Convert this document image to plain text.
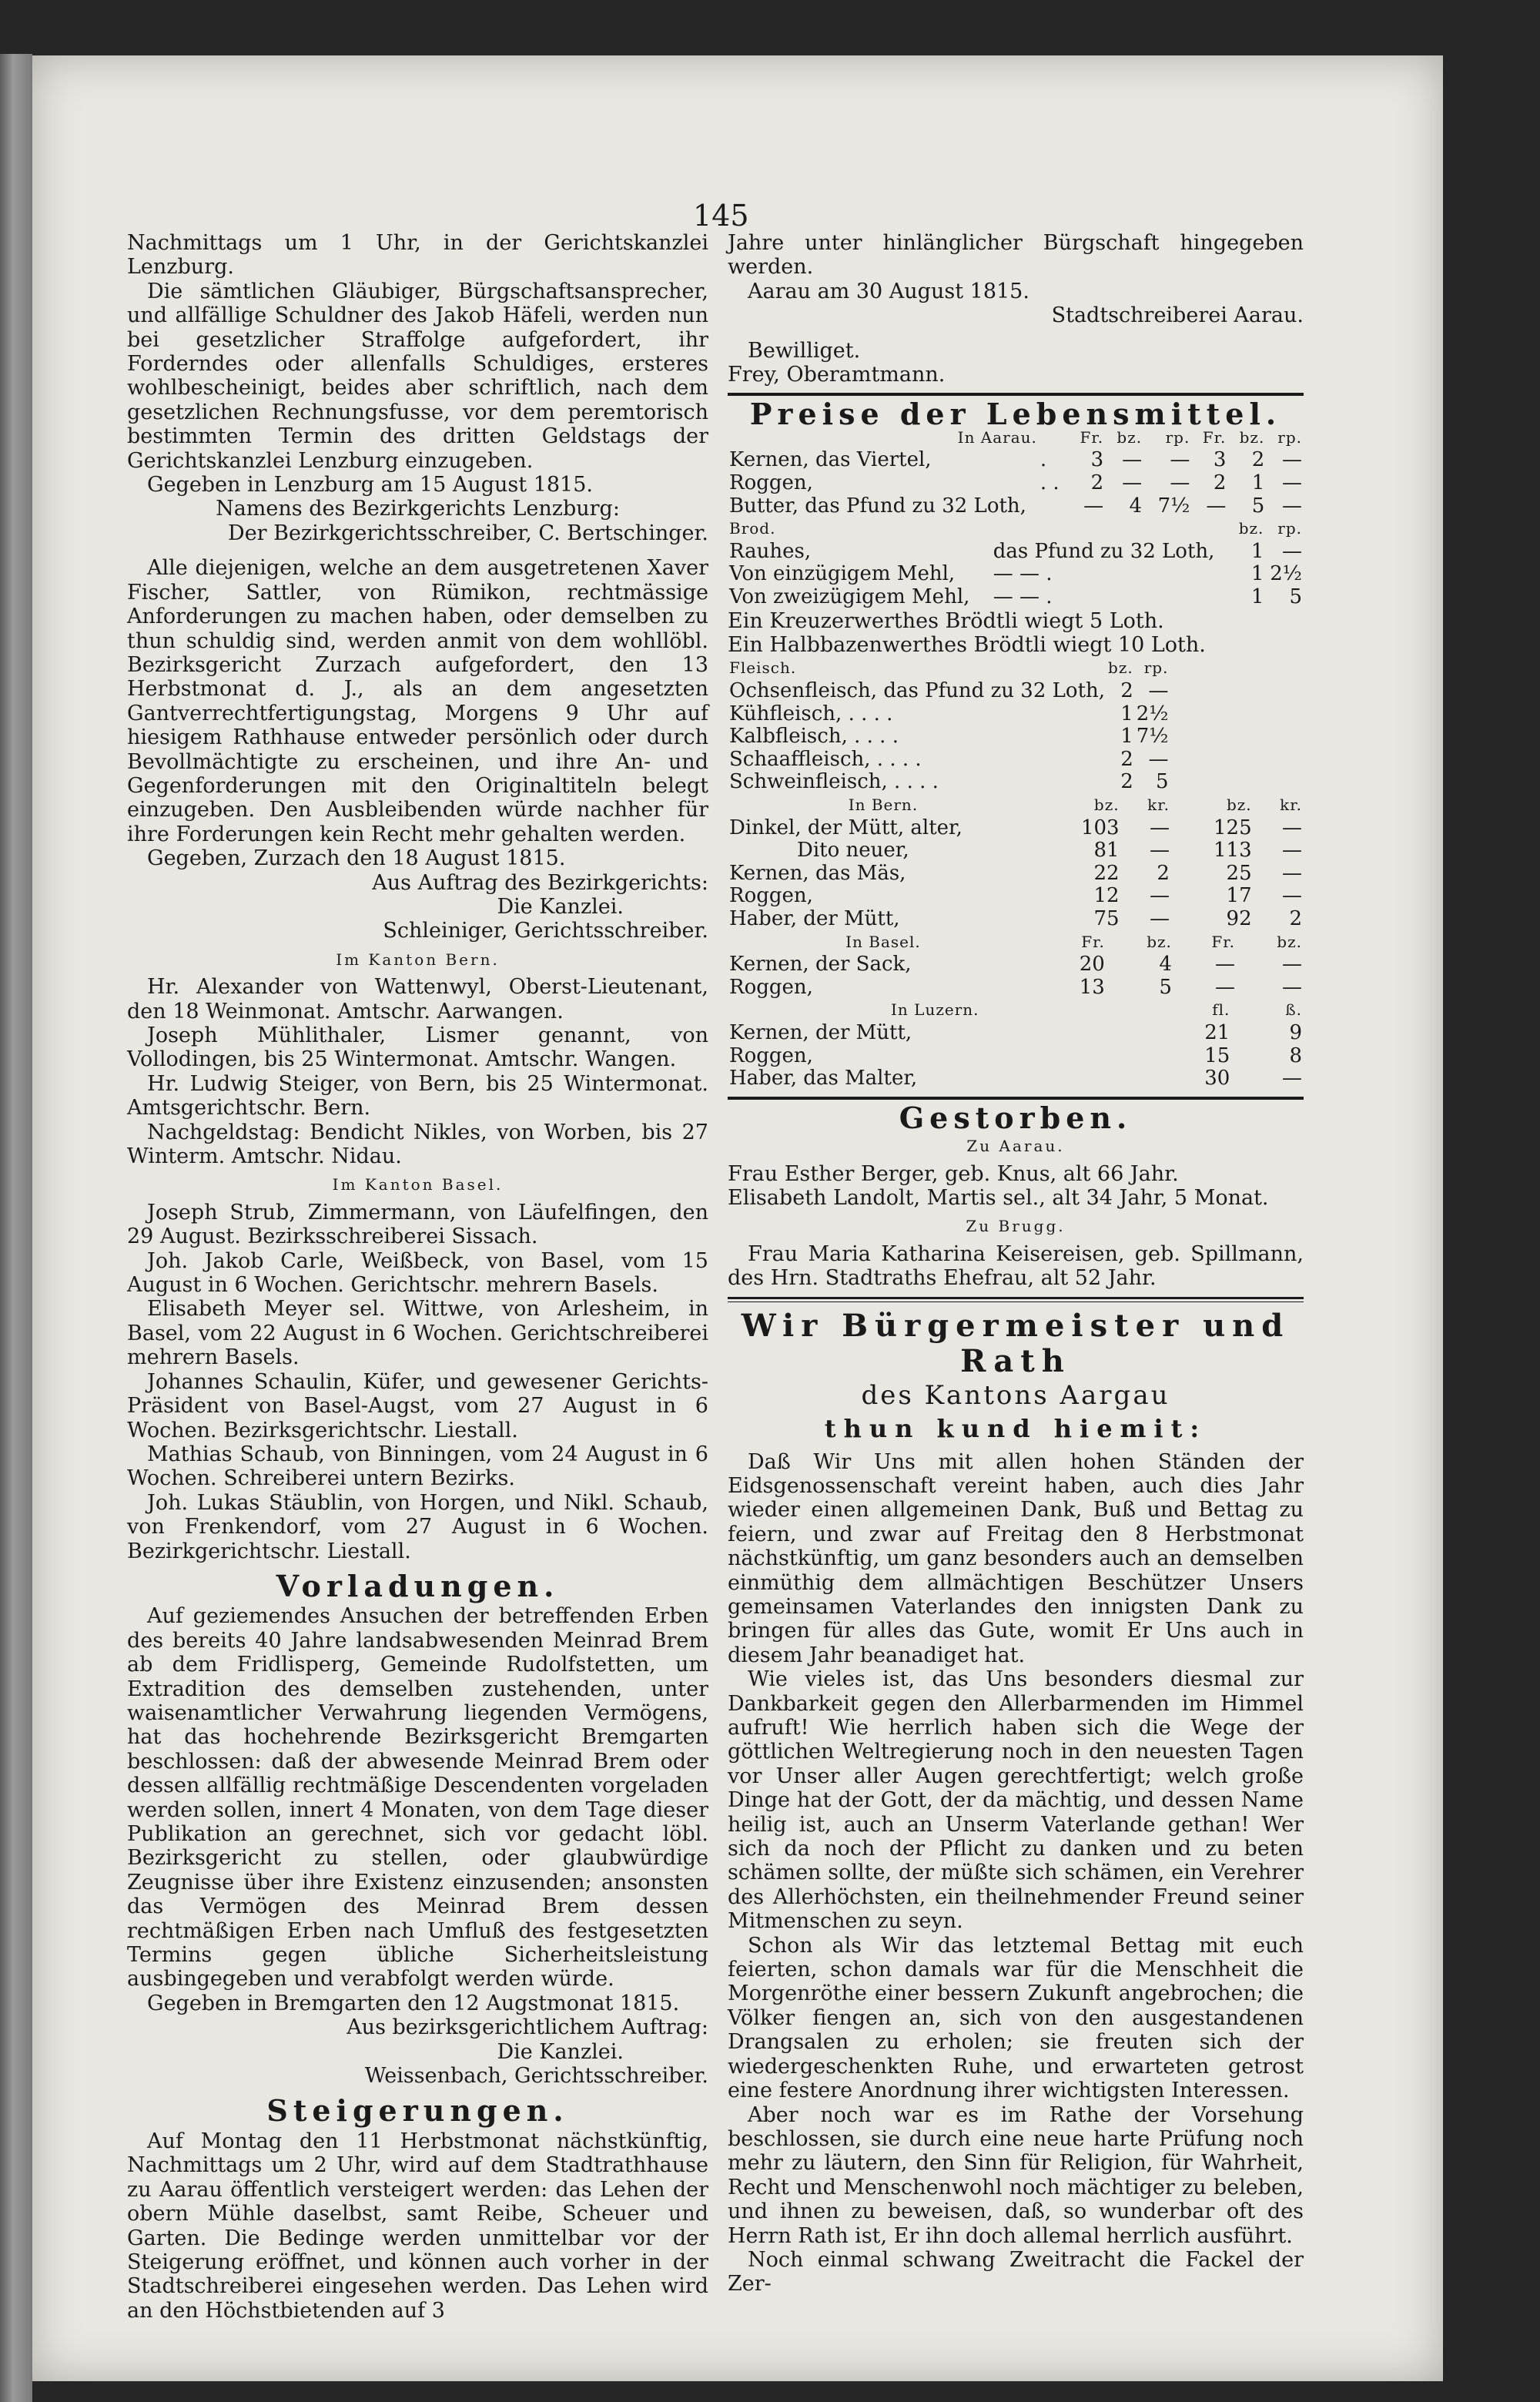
145

Nachmittags um 1 Uhr, in der Gerichtskanzlei Lenzburg.

Die sämtlichen Gläubiger, Bürgschaftsansprecher, und allfällige Schuldner des Jakob Häfeli, werden nun bei gesetzlicher Straffolge aufgefordert, ihr Forderndes oder allenfalls Schuldiges, ersteres wohlbescheinigt, beides aber schriftlich, nach dem gesetzlichen Rechnungsfusse, vor dem peremtorisch bestimmten Termin des dritten Geldstags der Gerichtskanzlei Lenzburg einzugeben.

Gegeben in Lenzburg am 15 August 1815.

Namens des Bezirkgerichts Lenzburg:

Der Bezirkgerichtsschreiber, C. Bertschinger.

Alle diejenigen, welche an dem ausgetretenen Xaver Fischer, Sattler, von Rümikon, rechtmässige Anforderungen zu machen haben, oder demselben zu thun schuldig sind, werden anmit von dem wohllöbl. Bezirksgericht Zurzach aufgefordert, den 13 Herbstmonat d. J., als an dem angesetzten Gantverrechtfertigungstag, Morgens 9 Uhr auf hiesigem Rathhause entweder persönlich oder durch Bevollmächtigte zu erscheinen, und ihre An- und Gegenforderungen mit den Originaltiteln belegt einzugeben. Den Ausbleibenden würde nachher für ihre Forderungen kein Recht mehr gehalten werden.

Gegeben, Zurzach den 18 August 1815.

Aus Auftrag des Bezirkgerichts:

Die Kanzlei.

Schleiniger, Gerichtsschreiber.

Im Kanton Bern.

Hr. Alexander von Wattenwyl, Oberst-Lieutenant, den 18 Weinmonat. Amtschr. Aarwangen.

Joseph Mühlithaler, Lismer genannt, von Vollodingen, bis 25 Wintermonat. Amtschr. Wangen.

Hr. Ludwig Steiger, von Bern, bis 25 Wintermonat. Amtsgerichtschr. Bern.

Nachgeldstag: Bendicht Nikles, von Worben, bis 27 Winterm. Amtschr. Nidau.

Im Kanton Basel.

Joseph Strub, Zimmermann, von Läufelfingen, den 29 August. Bezirksschreiberei Sissach.

Joh. Jakob Carle, Weißbeck, von Basel, vom 15 August in 6 Wochen. Gerichtschr. mehrern Basels.

Elisabeth Meyer sel. Wittwe, von Arlesheim, in Basel, vom 22 August in 6 Wochen. Gerichtschreiberei mehrern Basels.

Johannes Schaulin, Küfer, und gewesener Gerichts-Präsident von Basel-Augst, vom 27 August in 6 Wochen. Bezirksgerichtschr. Liestall.

Mathias Schaub, von Binningen, vom 24 August in 6 Wochen. Schreiberei untern Bezirks.

Joh. Lukas Stäublin, von Horgen, und Nikl. Schaub, von Frenkendorf, vom 27 August in 6 Wochen. Bezirkgerichtschr. Liestall.

Vorladungen.

Auf geziemendes Ansuchen der betreffenden Erben des bereits 40 Jahre landsabwesenden Meinrad Brem ab dem Fridlisperg, Gemeinde Rudolfstetten, um Extradition des demselben zustehenden, unter waisenamtlicher Verwahrung liegenden Vermögens, hat das hochehrende Bezirksgericht Bremgarten beschlossen: daß der abwesende Meinrad Brem oder dessen allfällig rechtmäßige Descendenten vorgeladen werden sollen, innert 4 Monaten, von dem Tage dieser Publikation an gerechnet, sich vor gedacht löbl. Bezirksgericht zu stellen, oder glaubwürdige Zeugnisse über ihre Existenz einzusenden; ansonsten das Vermögen des Meinrad Brem dessen rechtmäßigen Erben nach Umfluß des festgesetzten Termins gegen übliche Sicherheitsleistung ausbingegeben und verabfolgt werden würde.

Gegeben in Bremgarten den 12 Augstmonat 1815.

Aus bezirksgerichtlichem Auftrag:

Die Kanzlei.

Weissenbach, Gerichtsschreiber.

Steigerungen.

Auf Montag den 11 Herbstmonat nächstkünftig, Nachmittags um 2 Uhr, wird auf dem Stadtrathhause zu Aarau öffentlich versteigert werden: das Lehen der obern Mühle daselbst, samt Reibe, Scheuer und Garten. Die Bedinge werden unmittelbar vor der Steigerung eröffnet, und können auch vorher in der Stadtschreiberei eingesehen werden. Das Lehen wird an den Höchstbietenden auf 3

Jahre unter hinlänglicher Bürgschaft hingegeben werden.

Aarau am 30 August 1815.

Stadtschreiberei Aarau.

Bewilliget.

Frey, Oberamtmann.

Preise der Lebensmittel.
In Aarau.		Fr.	bz.	rp.	Fr.	bz.	rp.
Kernen, das Viertel,	.	3	—	—	3	2	—
Roggen,	. .	2	—	—	2	1	—
Butter, das Pfund zu 32 Loth,		—	4	7½	—	5	—
Brod.		bz.	rp.
Rauhes,	das Pfund zu 32 Loth,	1	—
Von einzügigem Mehl,	— — .	1	2½
Von zweizügigem Mehl,	— — .	1	5

Ein Kreuzerwerthes Brödtli wiegt 5 Loth.

Ein Halbbazenwerthes Brödtli wiegt 10 Loth.

Fleisch.	bz.	rp.
Ochsenfleisch, das Pfund zu 32 Loth,	2	—
Kühfleisch, . . . .	1	2½
Kalbfleisch, . . . .	1	7½
Schaaffleisch, . . . .	2	—
Schweinfleisch, . . . .	2	5
In Bern.	bz.	kr.	bz.	kr.
Dinkel, der Mütt, alter,	103	—	125	—
Dito neuer,	81	—	113	—
Kernen, das Mäs,	22	2	25	—
Roggen,	12	—	17	—
Haber, der Mütt,	75	—	92	2
In Basel.	Fr.	bz.	Fr.	bz.
Kernen, der Sack,	20	4	—	—
Roggen,	13	5	—	—
In Luzern.	fl.	ß.
Kernen, der Mütt,	21	9
Roggen,	15	8
Haber, das Malter,	30	—
Gestorben.
Zu Aarau.

Frau Esther Berger, geb. Knus, alt 66 Jahr.

Elisabeth Landolt, Martis sel., alt 34 Jahr, 5 Monat.

Zu Brugg.

Frau Maria Katharina Keisereisen, geb. Spillmann, des Hrn. Stadtraths Ehefrau, alt 52 Jahr.

Wir Bürgermeister und Rath
des Kantons Aargau
thun kund hiemit:

Daß Wir Uns mit allen hohen Ständen der Eidsgenossenschaft vereint haben, auch dies Jahr wieder einen allgemeinen Dank, Buß und Bettag zu feiern, und zwar auf Freitag den 8 Herbstmonat nächstkünftig, um ganz besonders auch an demselben einmüthig dem allmächtigen Beschützer Unsers gemeinsamen Vaterlandes den innigsten Dank zu bringen für alles das Gute, womit Er Uns auch in diesem Jahr beanadiget hat.

Wie vieles ist, das Uns besonders diesmal zur Dankbarkeit gegen den Allerbarmenden im Himmel aufruft! Wie herrlich haben sich die Wege der göttlichen Weltregierung noch in den neuesten Tagen vor Unser aller Augen gerechtfertigt; welch große Dinge hat der Gott, der da mächtig, und dessen Name heilig ist, auch an Unserm Vaterlande gethan! Wer sich da noch der Pflicht zu danken und zu beten schämen sollte, der müßte sich schämen, ein Verehrer des Allerhöchsten, ein theilnehmender Freund seiner Mitmenschen zu seyn.

Schon als Wir das letztemal Bettag mit euch feierten, schon damals war für die Menschheit die Morgenröthe einer bessern Zukunft angebrochen; die Völker fiengen an, sich von den ausgestandenen Drangsalen zu erholen; sie freuten sich der wiedergeschenkten Ruhe, und erwarteten getrost eine festere Anordnung ihrer wichtigsten Interessen.

Aber noch war es im Rathe der Vorsehung beschlossen, sie durch eine neue harte Prüfung noch mehr zu läutern, den Sinn für Religion, für Wahrheit, Recht und Menschenwohl noch mächtiger zu beleben, und ihnen zu beweisen, daß, so wunderbar oft des Herrn Rath ist, Er ihn doch allemal herrlich ausführt.

Noch einmal schwang Zweitracht die Fackel der Zer-
